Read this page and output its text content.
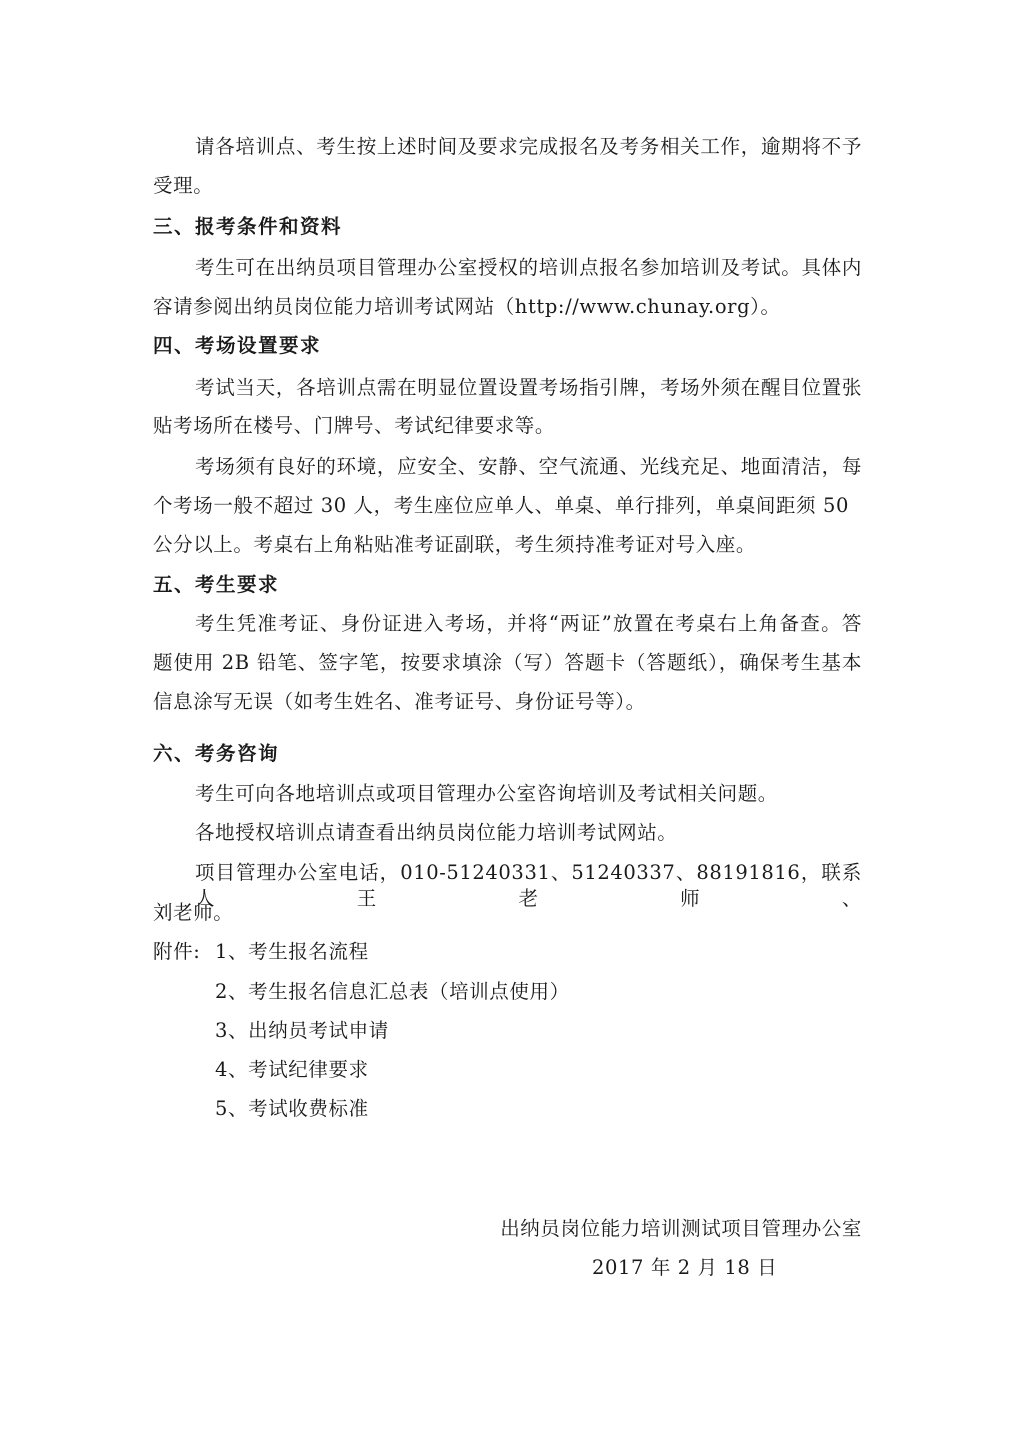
请各培训点、考生按上述时间及要求完成报名及考务相关工作，逾期将不予
受理。
三、报考条件和资料
考生可在出纳员项目管理办公室授权的培训点报名参加培训及考试。具体内
容请参阅出纳员岗位能力培训考试网站（http://www.chunay.org）。
四、考场设置要求
考试当天，各培训点需在明显位置设置考场指引牌，考场外须在醒目位置张
贴考场所在楼号、门牌号、考试纪律要求等。
考场须有良好的环境，应安全、安静、空气流通、光线充足、地面清洁，每
个考场一般不超过 30 人，考生座位应单人、单桌、单行排列，单桌间距须 50
公分以上。考桌右上角粘贴准考证副联，考生须持准考证对号入座。
五、考生要求
考生凭准考证、身份证进入考场，并将“两证”放置在考桌右上角备查。答
题使用 2B 铅笔、签字笔，按要求填涂（写）答题卡（答题纸），确保考生基本
信息涂写无误（如考生姓名、准考证号、身份证号等）。
六、考务咨询
考生可向各地培训点或项目管理办公室咨询培训及考试相关问题。
各地授权培训点请查看出纳员岗位能力培训考试网站。
项目管理办公室电话，010-51240331、51240337、88191816，联系人王老师、
刘老师。
附件: 1、考生报名流程
2、考生报名信息汇总表（培训点使用）
3、出纳员考试申请
4、考试纪律要求
5、考试收费标准
出纳员岗位能力培训测试项目管理办公室
2017 年 2 月 18 日
